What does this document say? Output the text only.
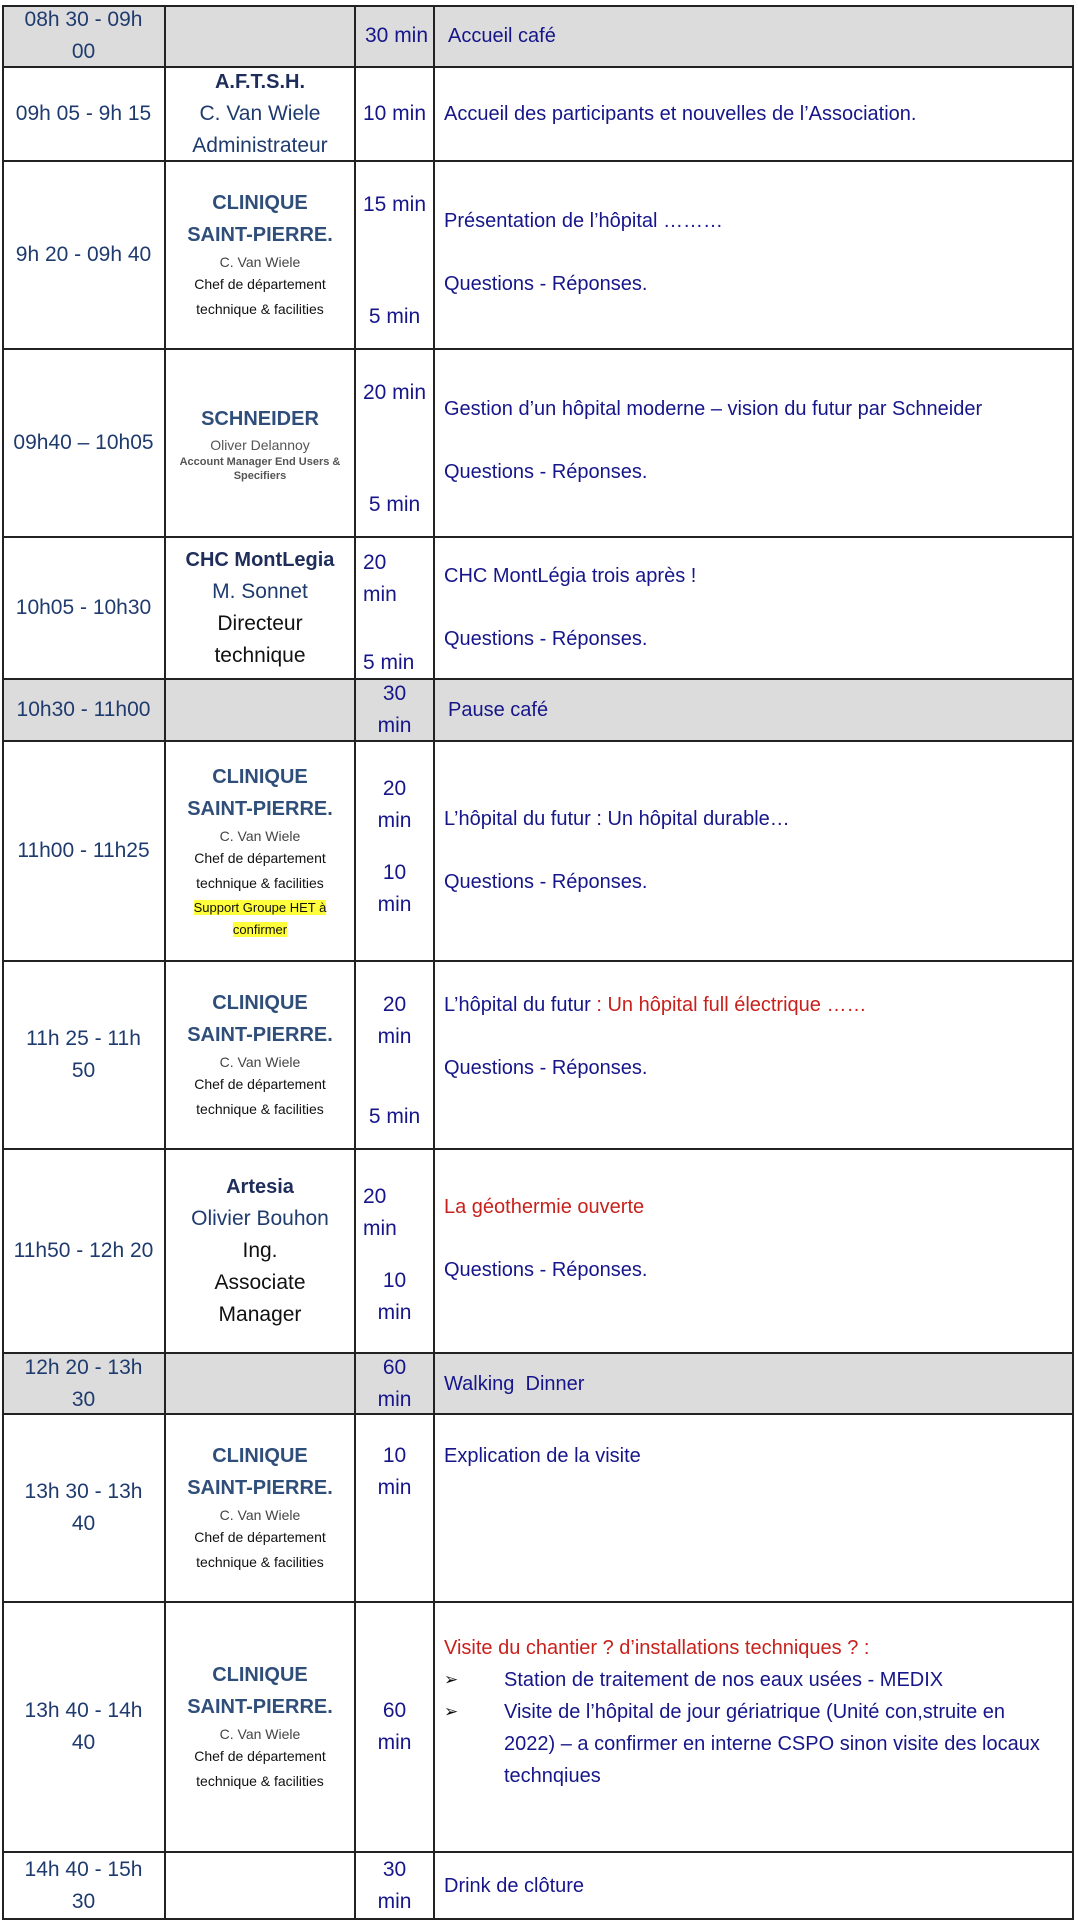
08h 30 - 09h 00
30 min Accueil café
09h 05 - 9h 15
A.F.T.S.H.
C. Van Wiele
Administrateur
10 min Accueil des participants et nouvelles de l’Association.
9h 20 - 09h 40
CLINIQUE SAINT-PIERRE.
C. Van Wiele
Chef de département
technique & facilities
15 min
5 min
Présentation de l’hôpital ………
Questions - Réponses.
09h40 – 10h05
SCHNEIDER
Oliver Delannoy
Account Manager End Users & Specifiers
20 min
5 min
Gestion d’un hôpital moderne – vision du futur par Schneider
Questions - Réponses.
10h05 - 10h30
CHC MontLegia
M. Sonnet
Directeur technique
20 min
5 min
CHC MontLégia trois après !
Questions - Réponses.
10h30 - 11h00
30 min
Pause café
11h00 - 11h25
CLINIQUE SAINT-PIERRE.
C. Van Wiele
Chef de département
technique & facilities
Support Groupe HET à confirmer
20 min
10 min
L’hôpital du futur : Un hôpital durable…
Questions - Réponses.
11h 25 - 11h 50
CLINIQUE SAINT-PIERRE.
C. Van Wiele
Chef de département
technique & facilities
20 min
5 min
L’hôpital du futur : Un hôpital full électrique ……
Questions - Réponses.
11h50 - 12h 20
Artesia
Olivier Bouhon
Ing. Associate Manager
20 min
10 min
La géothermie ouverte
Questions - Réponses.
12h 20 - 13h 30
60 min
Walking  Dinner
13h 30 - 13h 40
CLINIQUE SAINT-PIERRE.
C. Van Wiele
Chef de département
technique & facilities
10 min
Explication de la visite
13h 40 - 14h 40
CLINIQUE SAINT-PIERRE.
C. Van Wiele
Chef de département
technique & facilities
60 min
Visite du chantier ? d’installations techniques ? :
➢	Station de traitement de nos eaux usées - MEDIX
➢	Visite de l’hôpital de jour gériatrique (Unité con,struite en 2022) – a confirmer en interne CSPO sinon visite des locaux technqiues
14h 40 - 15h 30
30 min
Drink de clôture
